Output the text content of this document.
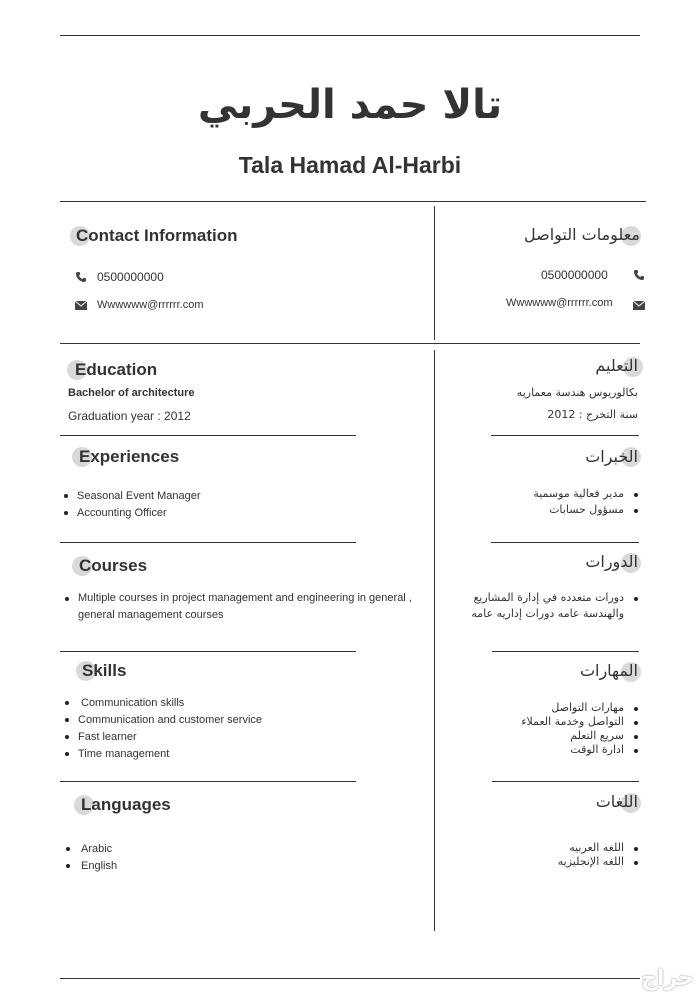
تالا حمد الحربي
Tala Hamad Al-Harbi
Contact Information
0500000000
Wwwwww@rrrrrr.com
معلومات التواصل
0500000000
Wwwwww@rrrrrr.com
Education
Bachelor of architecture
Graduation year : 2012
التعليم
بكالوريوس هندسة معماريه
سنة التخرج : 2012
Experiences
Seasonal Event Manager
Accounting Officer
الخبرات
مدير فعالية موسمية
مسؤول حسابات
Courses
Multiple courses in project management and engineering in general ,
general management courses
الدورات
دورات متعدده في إدارة المشاريع
والهندسة عامه دورات إداريه عامه
Skills
Communication skills
Communication and customer service
Fast learner
Time management
المهارات
مهارات التواصل
التواصل وخدمة العملاء
سريع التعلم
ادارة الوقت
Languages
Arabic
English
اللغات
اللغه العربيه
اللغه الإنجليزيه
حراج
